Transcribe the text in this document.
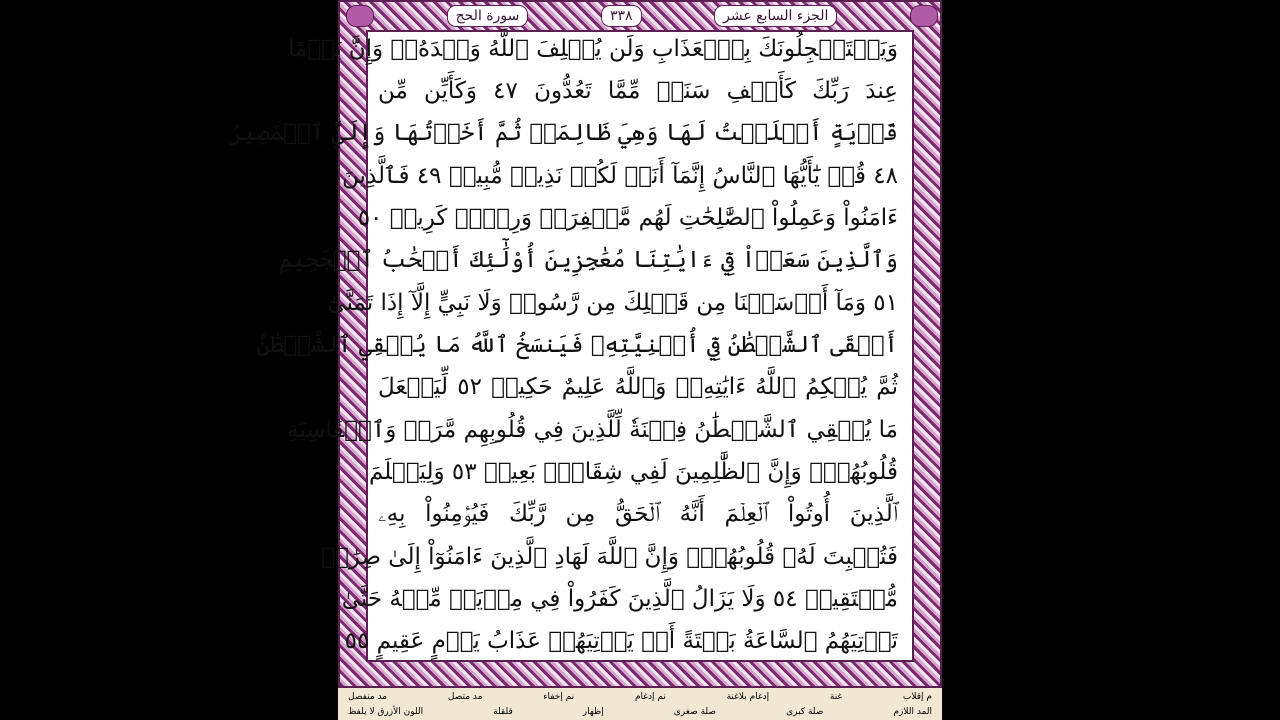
سورة الحج	٣٣٨	الجزء السابع عشر
وَيَسۡتَعۡجِلُونَكَ بِٱلۡعَذَابِ وَلَن يُخۡلِفَ ٱللَّهُ وَعۡدَهُۥۚ وَإِنَّ يَوۡمًا
عِندَ رَبِّكَ كَأَلۡفِ سَنَةٖ مِّمَّا تَعُدُّونَ ٤٧ وَكَأَيِّن مِّن
قَرۡيَةٍ أَمۡلَيۡتُ لَهَا وَهِيَ ظَالِمَةٞ ثُمَّ أَخَذۡتُهَا وَإِلَيَّ ٱلۡمَصِيرُ
٤٨ قُلۡ يَٰٓأَيُّهَا ٱلنَّاسُ إِنَّمَآ أَنَا۠ لَكُمۡ نَذِيرٞ مُّبِينٞ ٤٩ فَٱلَّذِينَ
ءَامَنُواْ وَعَمِلُواْ ٱلصَّٰلِحَٰتِ لَهُم مَّغۡفِرَةٞ وَرِزۡقٞ كَرِيمٞ ٥٠
وَٱلَّذِينَ سَعَوۡاْ فِيٓ ءَايَٰتِنَا مُعَٰجِزِينَ أُوْلَٰٓئِكَ أَصۡحَٰبُ ٱلۡجَحِيمِ
٥١ وَمَآ أَرۡسَلۡنَا مِن قَبۡلِكَ مِن رَّسُولٖ وَلَا نَبِيٍّ إِلَّآ إِذَا تَمَنَّىٰٓ
أَلۡقَى ٱلشَّيۡطَٰنُ فِيٓ أُمۡنِيَّتِهِۦ فَيَنسَخُ ٱللَّهُ مَا يُلۡقِي ٱلشَّيۡطَٰنُ
ثُمَّ يُحۡكِمُ ٱللَّهُ ءَايَٰتِهِۦۗ وَٱللَّهُ عَلِيمٌ حَكِيمٞ ٥٢ لِّيَجۡعَلَ
مَا يُلۡقِي ٱلشَّيۡطَٰنُ فِتۡنَةٗ لِّلَّذِينَ فِي قُلُوبِهِم مَّرَضٞ وَٱلۡقَاسِيَةِ
قُلُوبُهُمۡۗ وَإِنَّ ٱلظَّٰلِمِينَ لَفِي شِقَاقِۭ بَعِيدٖ ٥٣ وَلِيَعۡلَمَ
ٱلَّذِينَ أُوتُواْ ٱلۡعِلۡمَ أَنَّهُ ٱلۡحَقُّ مِن رَّبِّكَ فَيُؤۡمِنُواْ بِهِۦ
فَتُخۡبِتَ لَهُۥ قُلُوبُهُمۡۗ وَإِنَّ ٱللَّهَ لَهَادِ ٱلَّذِينَ ءَامَنُوٓاْ إِلَىٰ صِرَٰطٖ
مُّسۡتَقِيمٖ ٥٤ وَلَا يَزَالُ ٱلَّذِينَ كَفَرُواْ فِي مِرۡيَةٖ مِّنۡهُ حَتَّىٰ
تَأۡتِيَهُمُ ٱلسَّاعَةُ بَغۡتَةً أَوۡ يَأۡتِيَهُمۡ عَذَابُ يَوۡمٍ عَقِيمٍ ٥٥
م إقلاب
غنة
إدغام بلاغنة
نم إدغام
نم إخفاء
مد متصل
مد منفصل
المد اللازم
صلة كبرى
صلة صغرى
إظهار
قلقلة
اللون الأزرق لا يلفظ
